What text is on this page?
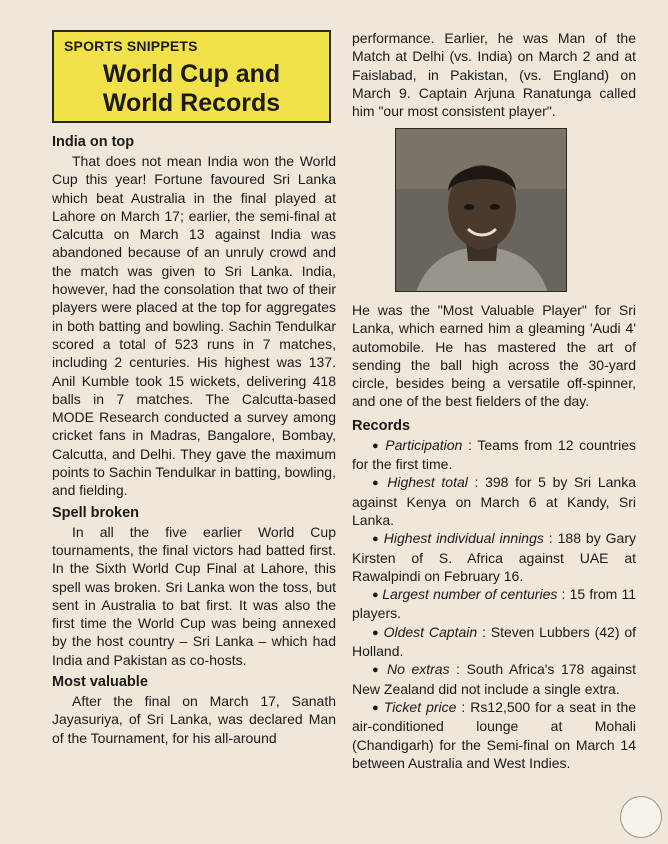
SPORTS SNIPPETS
World Cup and
World Records
India on top

That does not mean India won the World Cup this year! Fortune favoured Sri Lanka which beat Australia in the final played at Lahore on March 17; earlier, the semi-final at Calcutta on March 13 against India was abandoned because of an unruly crowd and the match was given to Sri Lanka. India, however, had the consolation that two of their players were placed at the top for aggregates in both batting and bowling. Sachin Tendulkar scored a total of 523 runs in 7 matches, including 2 centuries. His highest was 137. Anil Kumble took 15 wickets, delivering 418 balls in 7 matches. The Calcutta-based MODE Research conducted a survey among cricket fans in Madras, Bangalore, Bombay, Calcutta, and Delhi. They gave the maximum points to Sachin Tendulkar in batting, bowling, and fielding.

Spell broken

In all the five earlier World Cup tournaments, the final victors had batted first. In the Sixth World Cup Final at Lahore, this spell was broken. Sri Lanka won the toss, but sent in Australia to bat first. It was also the first time the World Cup was being annexed by the host country – Sri Lanka – which had India and Pakistan as co-hosts.

Most valuable

After the final on March 17, Sanath Jayasuriya, of Sri Lanka, was declared Man of the Tournament, for his all-around

performance. Earlier, he was Man of the Match at Delhi (vs. India) on March 2 and at Faislabad, in Pakistan, (vs. England) on March 9. Captain Arjuna Ranatunga called him "our most consistent player".

He was the "Most Valuable Player" for Sri Lanka, which earned him a gleaming 'Audi 4' automobile. He has mastered the art of sending the ball high across the 30-yard circle, besides being a versatile off-spinner, and one of the best fielders of the day.

Records

● Participation : Teams from 12 countries for the first time.

● Highest total : 398 for 5 by Sri Lanka against Kenya on March 6 at Kandy, Sri Lanka.

● Highest individual innings : 188 by Gary Kirsten of S. Africa against UAE at Rawalpindi on February 16.

● Largest number of centuries : 15 from 11 players.

● Oldest Captain : Steven Lubbers (42) of Holland.

● No extras : South Africa's 178 against New Zealand did not include a single extra.

● Ticket price : Rs12,500 for a seat in the air-conditioned lounge at Mohali (Chandigarh) for the Semi-final on March 14 between Australia and West Indies.
